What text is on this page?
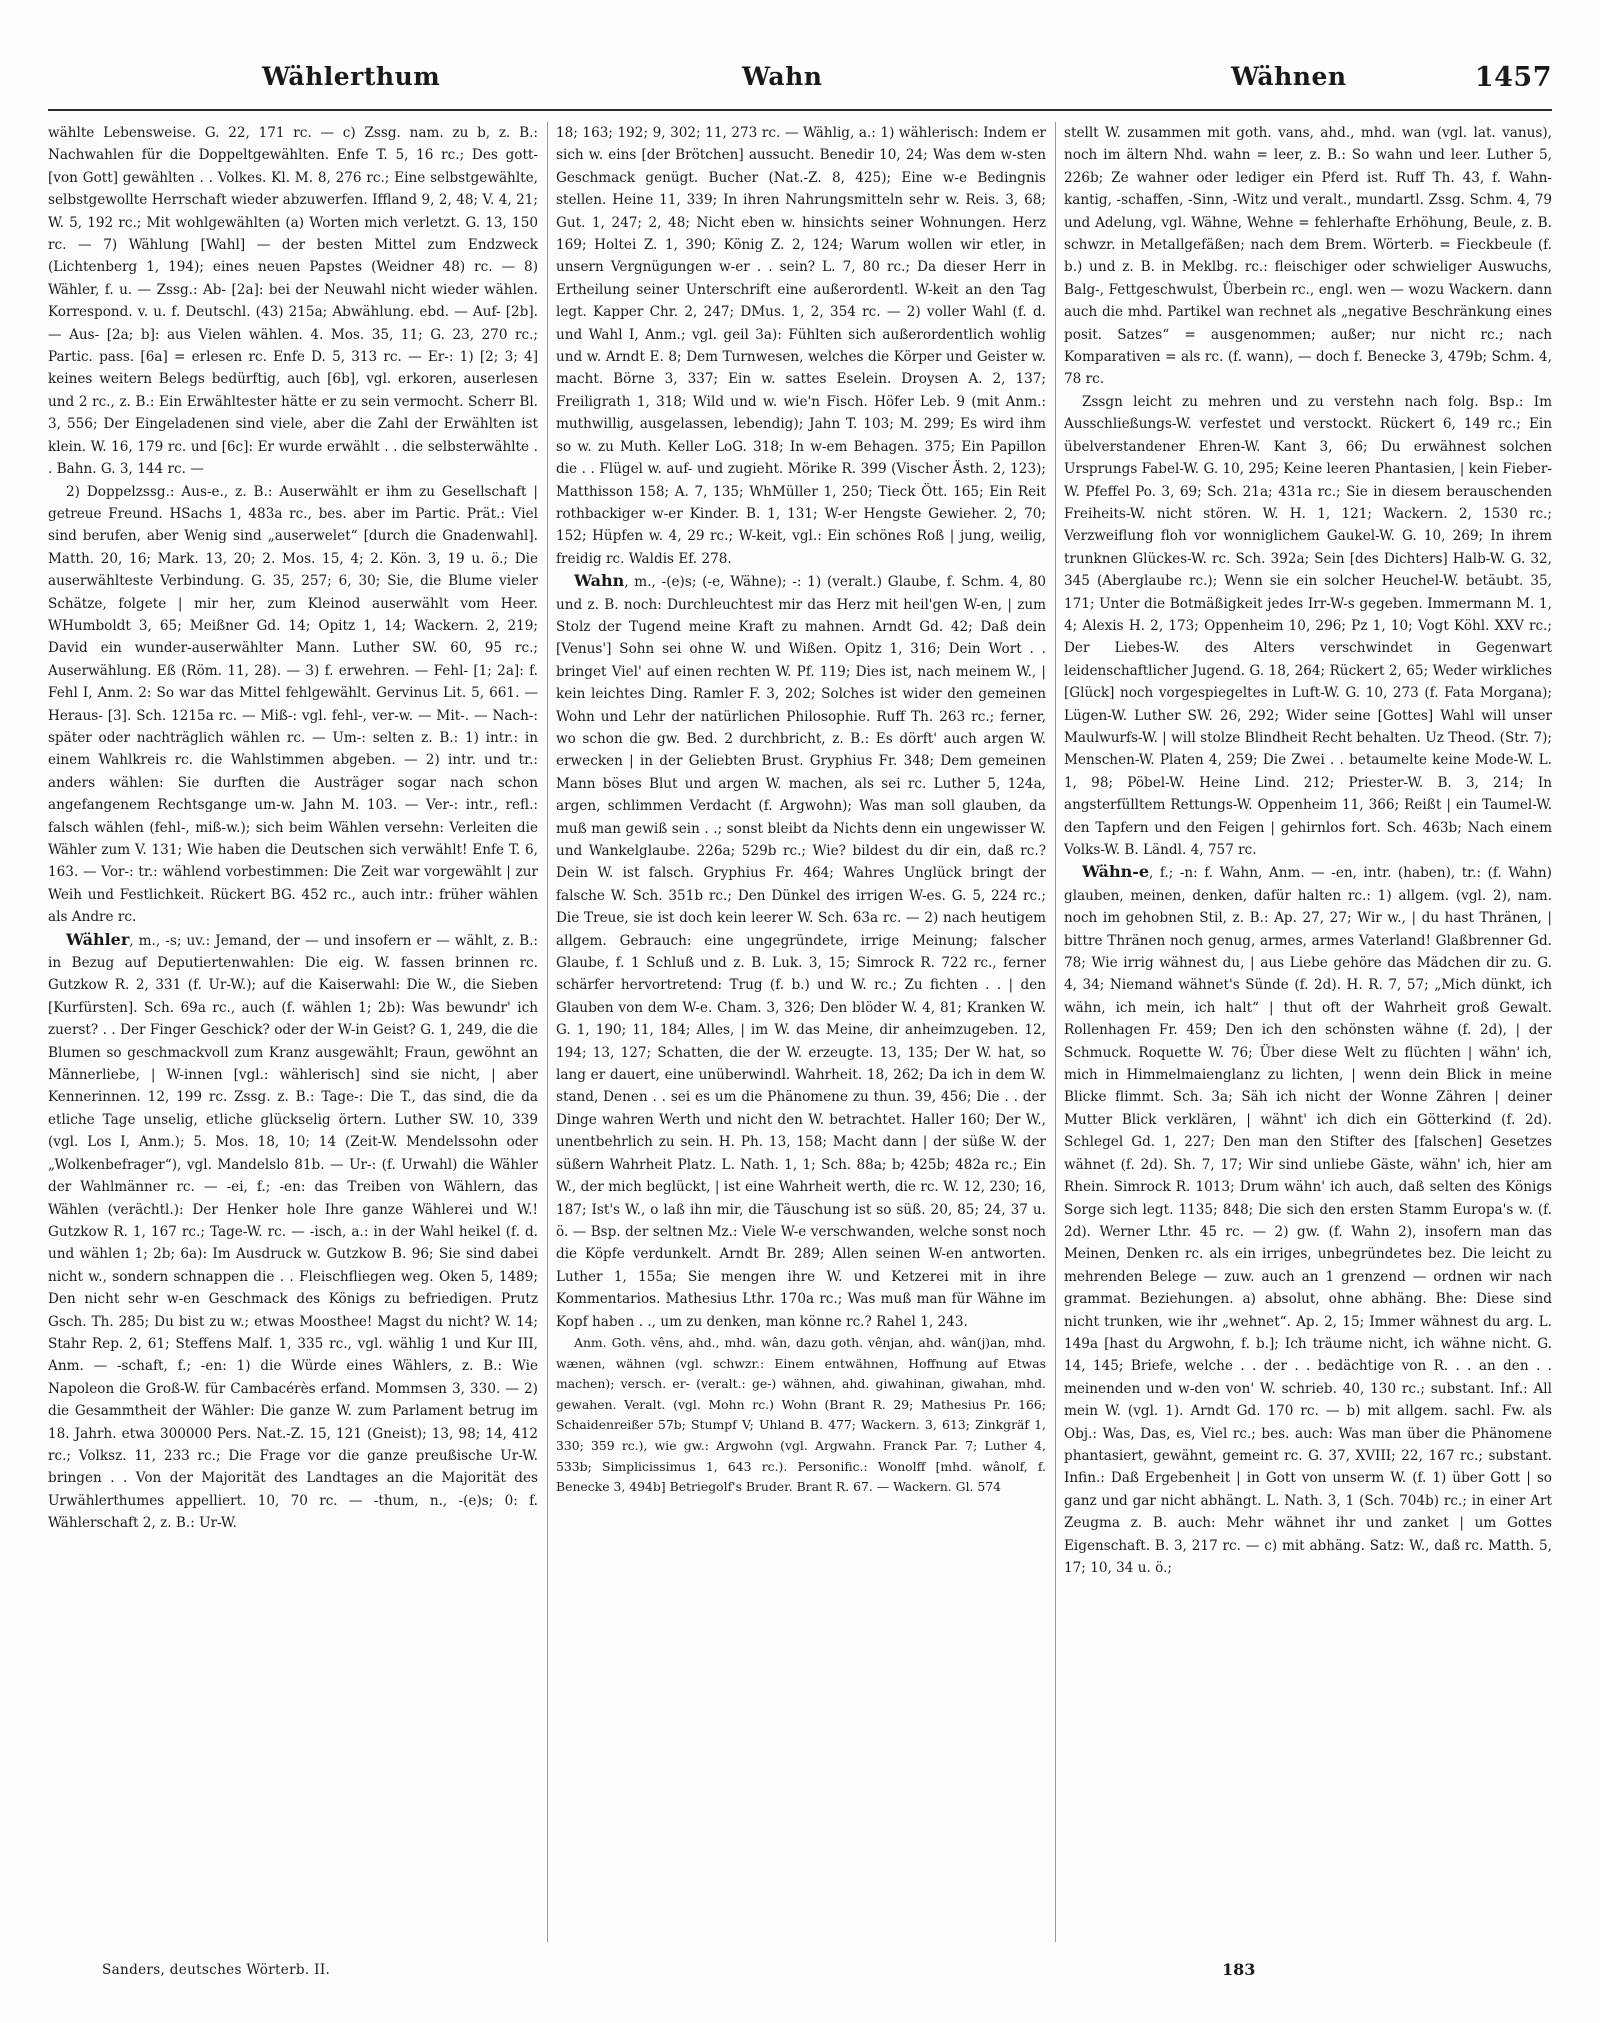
Wählerthum	Wahn	Wähnen	1457

wählte Lebensweise. G. 22, 171 rc. — c) Zssg. nam. zu b, z. B.: Nachwahlen für die Doppeltgewählten. Enfe T. 5, 16 rc.; Des gott- [von Gott] gewählten . . Volkes. Kl. M. 8, 276 rc.; Eine selbstgewählte, selbstgewollte Herrschaft wieder abzuwerfen. Iffland 9, 2, 48; V. 4, 21; W. 5, 192 rc.; Mit wohlgewählten (a) Worten mich verletzt. G. 13, 150 rc. — 7) Wählung [Wahl] — der besten Mittel zum Endzweck (Lichtenberg 1, 194); eines neuen Papstes (Weidner 48) rc. — 8) Wähler, f. u. — Zssg.: Ab- [2a]: bei der Neuwahl nicht wieder wählen. Korrespond. v. u. f. Deutschl. (43) 215a; Abwählung. ebd. — Auf- [2b]. — Aus- [2a; b]: aus Vielen wählen. 4. Mos. 35, 11; G. 23, 270 rc.; Partic. pass. [6a] = erlesen rc. Enfe D. 5, 313 rc. — Er-: 1) [2; 3; 4] keines weitern Belegs bedürftig, auch [6b], vgl. erkoren, auserlesen und 2 rc., z. B.: Ein Erwähltester hätte er zu sein vermocht. Scherr Bl. 3, 556; Der Eingeladenen sind viele, aber die Zahl der Erwählten ist klein. W. 16, 179 rc. und [6c]: Er wurde erwählt . . die selbsterwählte . . Bahn. G. 3, 144 rc. —

2) Doppelzssg.: Aus-e., z. B.: Auserwählt er ihm zu Gesellschaft | getreue Freund. HSachs 1, 483a rc., bes. aber im Partic. Prät.: Viel sind berufen, aber Wenig sind „auserwelet“ [durch die Gnadenwahl]. Matth. 20, 16; Mark. 13, 20; 2. Mos. 15, 4; 2. Kön. 3, 19 u. ö.; Die auserwählteste Verbindung. G. 35, 257; 6, 30; Sie, die Blume vieler Schätze, folgete | mir her, zum Kleinod auserwählt vom Heer. WHumboldt 3, 65; Meißner Gd. 14; Opitz 1, 14; Wackern. 2, 219; David ein wunder-auserwählter Mann. Luther SW. 60, 95 rc.; Auserwählung. Eß (Röm. 11, 28). — 3) f. erwehren. — Fehl- [1; 2a]: f. Fehl I, Anm. 2: So war das Mittel fehlgewählt. Gervinus Lit. 5, 661. — Heraus- [3]. Sch. 1215a rc. — Miß-: vgl. fehl-, ver-w. — Mit-. — Nach-: später oder nachträglich wählen rc. — Um-: selten z. B.: 1) intr.: in einem Wahlkreis rc. die Wahlstimmen abgeben. — 2) intr. und tr.: anders wählen: Sie durften die Austräger sogar nach schon angefangenem Rechtsgange um-w. Jahn M. 103. — Ver-: intr., refl.: falsch wählen (fehl-, miß-w.); sich beim Wählen versehn: Verleiten die Wähler zum V. 131; Wie haben die Deutschen sich verwählt! Enfe T. 6, 163. — Vor-: tr.: wählend vorbestimmen: Die Zeit war vorgewählt | zur Weih und Festlichkeit. Rückert BG. 452 rc., auch intr.: früher wählen als Andre rc.

Wähler, m., -s; uv.: Jemand, der — und insofern er — wählt, z. B.: in Bezug auf Deputiertenwahlen: Die eig. W. fassen brinnen rc. Gutzkow R. 2, 331 (f. Ur-W.); auf die Kaiserwahl: Die W., die Sieben [Kurfürsten]. Sch. 69a rc., auch (f. wählen 1; 2b): Was bewundr' ich zuerst? . . Der Finger Geschick? oder der W-in Geist? G. 1, 249, die die Blumen so geschmackvoll zum Kranz ausgewählt; Fraun, gewöhnt an Männerliebe, | W-innen [vgl.: wählerisch] sind sie nicht, | aber Kennerinnen. 12, 199 rc. Zssg. z. B.: Tage-: Die T., das sind, die da etliche Tage unselig, etliche glückselig örtern. Luther SW. 10, 339 (vgl. Los I, Anm.); 5. Mos. 18, 10; 14 (Zeit-W. Mendelssohn oder „Wolkenbefrager“), vgl. Mandelslo 81b. — Ur-: (f. Urwahl) die Wähler der Wahlmänner rc. — -ei, f.; -en: das Treiben von Wählern, das Wählen (verächtl.): Der Henker hole Ihre ganze Wählerei und W.! Gutzkow R. 1, 167 rc.; Tage-W. rc. — -isch, a.: in der Wahl heikel (f. d. und wählen 1; 2b; 6a): Im Ausdruck w. Gutzkow B. 96; Sie sind dabei nicht w., sondern schnappen die . . Fleischfliegen weg. Oken 5, 1489; Den nicht sehr w-en Geschmack des Königs zu befriedigen. Prutz Gsch. Th. 285; Du bist zu w.; etwas Moosthee! Magst du nicht? W. 14; Stahr Rep. 2, 61; Steffens Malf. 1, 335 rc., vgl. wählig 1 und Kur III, Anm. — -schaft, f.; -en: 1) die Würde eines Wählers, z. B.: Wie Napoleon die Groß-W. für Cambacérès erfand. Mommsen 3, 330. — 2) die Gesammtheit der Wähler: Die ganze W. zum Parlament betrug im 18. Jahrh. etwa 300000 Pers. Nat.-Z. 15, 121 (Gneist); 13, 98; 14, 412 rc.; Volksz. 11, 233 rc.; Die Frage vor die ganze preußische Ur-W. bringen . . Von der Majorität des Landtages an die Majorität des Urwählerthumes appelliert. 10, 70 rc. — -thum, n., -(e)s; 0: f. Wählerschaft 2, z. B.: Ur-W.

18; 163; 192; 9, 302; 11, 273 rc. — Wählig, a.: 1) wählerisch: Indem er sich w. eins [der Brötchen] aussucht. Benedir 10, 24; Was dem w-sten Geschmack genügt. Bucher (Nat.-Z. 8, 425); Eine w-e Bedingnis stellen. Heine 11, 339; In ihren Nahrungsmitteln sehr w. Reis. 3, 68; Gut. 1, 247; 2, 48; Nicht eben w. hinsichts seiner Wohnungen. Herz 169; Holtei Z. 1, 390; König Z. 2, 124; Warum wollen wir etler, in unsern Vergnügungen w-er . . sein? L. 7, 80 rc.; Da dieser Herr in Ertheilung seiner Unterschrift eine außerordentl. W-keit an den Tag legt. Kapper Chr. 2, 247; DMus. 1, 2, 354 rc. — 2) voller Wahl (f. d. und Wahl I, Anm.; vgl. geil 3a): Fühlten sich außerordentlich wohlig und w. Arndt E. 8; Dem Turnwesen, welches die Körper und Geister w. macht. Börne 3, 337; Ein w. sattes Eselein. Droysen A. 2, 137; Freiligrath 1, 318; Wild und w. wie'n Fisch. Höfer Leb. 9 (mit Anm.: muthwillig, ausgelassen, lebendig); Jahn T. 103; M. 299; Es wird ihm so w. zu Muth. Keller LoG. 318; In w-em Behagen. 375; Ein Papillon die . . Flügel w. auf- und zugieht. Mörike R. 399 (Vischer Ästh. 2, 123); Matthisson 158; A. 7, 135; WhMüller 1, 250; Tieck Ött. 165; Ein Reit rothbackiger w-er Kinder. B. 1, 131; W-er Hengste Gewieher. 2, 70; 152; Hüpfen w. 4, 29 rc.; W-keit, vgl.: Ein schönes Roß | jung, weilig, freidig rc. Waldis Ef. 278.

Wahn, m., -(e)s; (-e, Wähne); -: 1) (veralt.) Glaube, f. Schm. 4, 80 und z. B. noch: Durchleuchtest mir das Herz mit heil'gen W-en, | zum Stolz der Tugend meine Kraft zu mahnen. Arndt Gd. 42; Daß dein [Venus'] Sohn sei ohne W. und Wißen. Opitz 1, 316; Dein Wort . . bringet Viel' auf einen rechten W. Pf. 119; Dies ist, nach meinem W., | kein leichtes Ding. Ramler F. 3, 202; Solches ist wider den gemeinen Wohn und Lehr der natürlichen Philosophie. Ruff Th. 263 rc.; ferner, wo schon die gw. Bed. 2 durchbricht, z. B.: Es dörft' auch argen W. erwecken | in der Geliebten Brust. Gryphius Fr. 348; Dem gemeinen Mann böses Blut und argen W. machen, als sei rc. Luther 5, 124a, argen, schlimmen Verdacht (f. Argwohn); Was man soll glauben, da muß man gewiß sein . .; sonst bleibt da Nichts denn ein ungewisser W. und Wankelglaube. 226a; 529b rc.; Wie? bildest du dir ein, daß rc.? Dein W. ist falsch. Gryphius Fr. 464; Wahres Unglück bringt der falsche W. Sch. 351b rc.; Den Dünkel des irrigen W-es. G. 5, 224 rc.; Die Treue, sie ist doch kein leerer W. Sch. 63a rc. — 2) nach heutigem allgem. Gebrauch: eine ungegründete, irrige Meinung; falscher Glaube, f. 1 Schluß und z. B. Luk. 3, 15; Simrock R. 722 rc., ferner schärfer hervortretend: Trug (f. b.) und W. rc.; Zu fichten . . | den Glauben von dem W-e. Cham. 3, 326; Den blöder W. 4, 81; Kranken W. G. 1, 190; 11, 184; Alles, | im W. das Meine, dir anheimzugeben. 12, 194; 13, 127; Schatten, die der W. erzeugte. 13, 135; Der W. hat, so lang er dauert, eine unüberwindl. Wahrheit. 18, 262; Da ich in dem W. stand, Denen . . sei es um die Phänomene zu thun. 39, 456; Die . . der Dinge wahren Werth und nicht den W. betrachtet. Haller 160; Der W., unentbehrlich zu sein. H. Ph. 13, 158; Macht dann | der süße W. der süßern Wahrheit Platz. L. Nath. 1, 1; Sch. 88a; b; 425b; 482a rc.; Ein W., der mich beglückt, | ist eine Wahrheit werth, die rc. W. 12, 230; 16, 187; Ist's W., o laß ihn mir, die Täuschung ist so süß. 20, 85; 24, 37 u. ö. — Bsp. der seltnen Mz.: Viele W-e verschwanden, welche sonst noch die Köpfe verdunkelt. Arndt Br. 289; Allen seinen W-en antworten. Luther 1, 155a; Sie mengen ihre W. und Ketzerei mit in ihre Kommentarios. Mathesius Lthr. 170a rc.; Was muß man für Wähne im Kopf haben . ., um zu denken, man könne rc.? Rahel 1, 243.

Anm. Goth. vêns, ahd., mhd. wân, dazu goth. vênjan, ahd. wân(j)an, mhd. wænen, wähnen (vgl. schwzr.: Einem entwähnen, Hoffnung auf Etwas machen); versch. er- (veralt.: ge-) wähnen, ahd. giwahinan, giwahan, mhd. gewahen. Veralt. (vgl. Mohn rc.) Wohn (Brant R. 29; Mathesius Pr. 166; Schaidenreißer 57b; Stumpf V; Uhland B. 477; Wackern. 3, 613; Zinkgräf 1, 330; 359 rc.), wie gw.: Argwohn (vgl. Argwahn. Franck Par. 7; Luther 4, 533b; Simplicissimus 1, 643 rc.). Personific.: Wonolff [mhd. wânolf, f. Benecke 3, 494b] Betriegolf's Bruder. Brant R. 67. — Wackern. Gl. 574

stellt W. zusammen mit goth. vans, ahd., mhd. wan (vgl. lat. vanus), noch im ältern Nhd. wahn = leer, z. B.: So wahn und leer. Luther 5, 226b; Ze wahner oder lediger ein Pferd ist. Ruff Th. 43, f. Wahn-kantig, -schaffen, -Sinn, -Witz und veralt., mundartl. Zssg. Schm. 4, 79 und Adelung, vgl. Wähne, Wehne = fehlerhafte Erhöhung, Beule, z. B. schwzr. in Metallgefäßen; nach dem Brem. Wörterb. = Fieckbeule (f. b.) und z. B. in Meklbg. rc.: fleischiger oder schwieliger Auswuchs, Balg-, Fettgeschwulst, Überbein rc., engl. wen — wozu Wackern. dann auch die mhd. Partikel wan rechnet als „negative Beschränkung eines posit. Satzes“ = ausgenommen; außer; nur nicht rc.; nach Komparativen = als rc. (f. wann), — doch f. Benecke 3, 479b; Schm. 4, 78 rc.

Zssgn leicht zu mehren und zu verstehn nach folg. Bsp.: Im Ausschließungs-W. verfestet und verstockt. Rückert 6, 149 rc.; Ein übelverstandener Ehren-W. Kant 3, 66; Du erwähnest solchen Ursprungs Fabel-W. G. 10, 295; Keine leeren Phantasien, | kein Fieber-W. Pfeffel Po. 3, 69; Sch. 21a; 431a rc.; Sie in diesem berauschenden Freiheits-W. nicht stören. W. H. 1, 121; Wackern. 2, 1530 rc.; Verzweiflung floh vor wonniglichem Gaukel-W. G. 10, 269; In ihrem trunknen Glückes-W. rc. Sch. 392a; Sein [des Dichters] Halb-W. G. 32, 345 (Aberglaube rc.); Wenn sie ein solcher Heuchel-W. betäubt. 35, 171; Unter die Botmäßigkeit jedes Irr-W-s gegeben. Immermann M. 1, 4; Alexis H. 2, 173; Oppenheim 10, 296; Pz 1, 10; Vogt Köhl. XXV rc.; Der Liebes-W. des Alters verschwindet in Gegenwart leidenschaftlicher Jugend. G. 18, 264; Rückert 2, 65; Weder wirkliches [Glück] noch vorgespiegeltes in Luft-W. G. 10, 273 (f. Fata Morgana); Lügen-W. Luther SW. 26, 292; Wider seine [Gottes] Wahl will unser Maulwurfs-W. | will stolze Blindheit Recht behalten. Uz Theod. (Str. 7); Menschen-W. Platen 4, 259; Die Zwei . . betaumelte keine Mode-W. L. 1, 98; Pöbel-W. Heine Lind. 212; Priester-W. B. 3, 214; In angsterfülltem Rettungs-W. Oppenheim 11, 366; Reißt | ein Taumel-W. den Tapfern und den Feigen | gehirnlos fort. Sch. 463b; Nach einem Volks-W. B. Ländl. 4, 757 rc.

Wähn-e, f.; -n: f. Wahn, Anm. — -en, intr. (haben), tr.: (f. Wahn) glauben, meinen, denken, dafür halten rc.: 1) allgem. (vgl. 2), nam. noch im gehobnen Stil, z. B.: Ap. 27, 27; Wir w., | du hast Thränen, | bittre Thränen noch genug, armes, armes Vaterland! Glaßbrenner Gd. 78; Wie irrig wähnest du, | aus Liebe gehöre das Mädchen dir zu. G. 4, 34; Niemand wähnet's Sünde (f. 2d). H. R. 7, 57; „Mich dünkt, ich wähn, ich mein, ich halt“ | thut oft der Wahrheit groß Gewalt. Rollenhagen Fr. 459; Den ich den schönsten wähne (f. 2d), | der Schmuck. Roquette W. 76; Über diese Welt zu flüchten | wähn' ich, mich in Himmelmaienglanz zu lichten, | wenn dein Blick in meine Blicke flimmt. Sch. 3a; Säh ich nicht der Wonne Zähren | deiner Mutter Blick verklären, | wähnt' ich dich ein Götterkind (f. 2d). Schlegel Gd. 1, 227; Den man den Stifter des [falschen] Gesetzes wähnet (f. 2d). Sh. 7, 17; Wir sind unliebe Gäste, wähn' ich, hier am Rhein. Simrock R. 1013; Drum wähn' ich auch, daß selten des Königs Sorge sich legt. 1135; 848; Die sich den ersten Stamm Europa's w. (f. 2d). Werner Lthr. 45 rc. — 2) gw. (f. Wahn 2), insofern man das Meinen, Denken rc. als ein irriges, unbegründetes bez. Die leicht zu mehrenden Belege — zuw. auch an 1 grenzend — ordnen wir nach grammat. Beziehungen. a) absolut, ohne abhäng. Bhe: Diese sind nicht trunken, wie ihr „wehnet“. Ap. 2, 15; Immer wähnest du arg. L. 149a [hast du Argwohn, f. b.]; Ich träume nicht, ich wähne nicht. G. 14, 145; Briefe, welche . . der . . bedächtige von R. . . an den . . meinenden und w-den von' W. schrieb. 40, 130 rc.; substant. Inf.: All mein W. (vgl. 1). Arndt Gd. 170 rc. — b) mit allgem. sachl. Fw. als Obj.: Was, Das, es, Viel rc.; bes. auch: Was man über die Phänomene phantasiert, gewähnt, gemeint rc. G. 37, XVIII; 22, 167 rc.; substant. Infin.: Daß Ergebenheit | in Gott von unserm W. (f. 1) über Gott | so ganz und gar nicht abhängt. L. Nath. 3, 1 (Sch. 704b) rc.; in einer Art Zeugma z. B. auch: Mehr wähnet ihr und zanket | um Gottes Eigenschaft. B. 3, 217 rc. — c) mit abhäng. Satz: W., daß rc. Matth. 5, 17; 10, 34 u. ö.;

Sanders, deutsches Wörterb. II.	183
